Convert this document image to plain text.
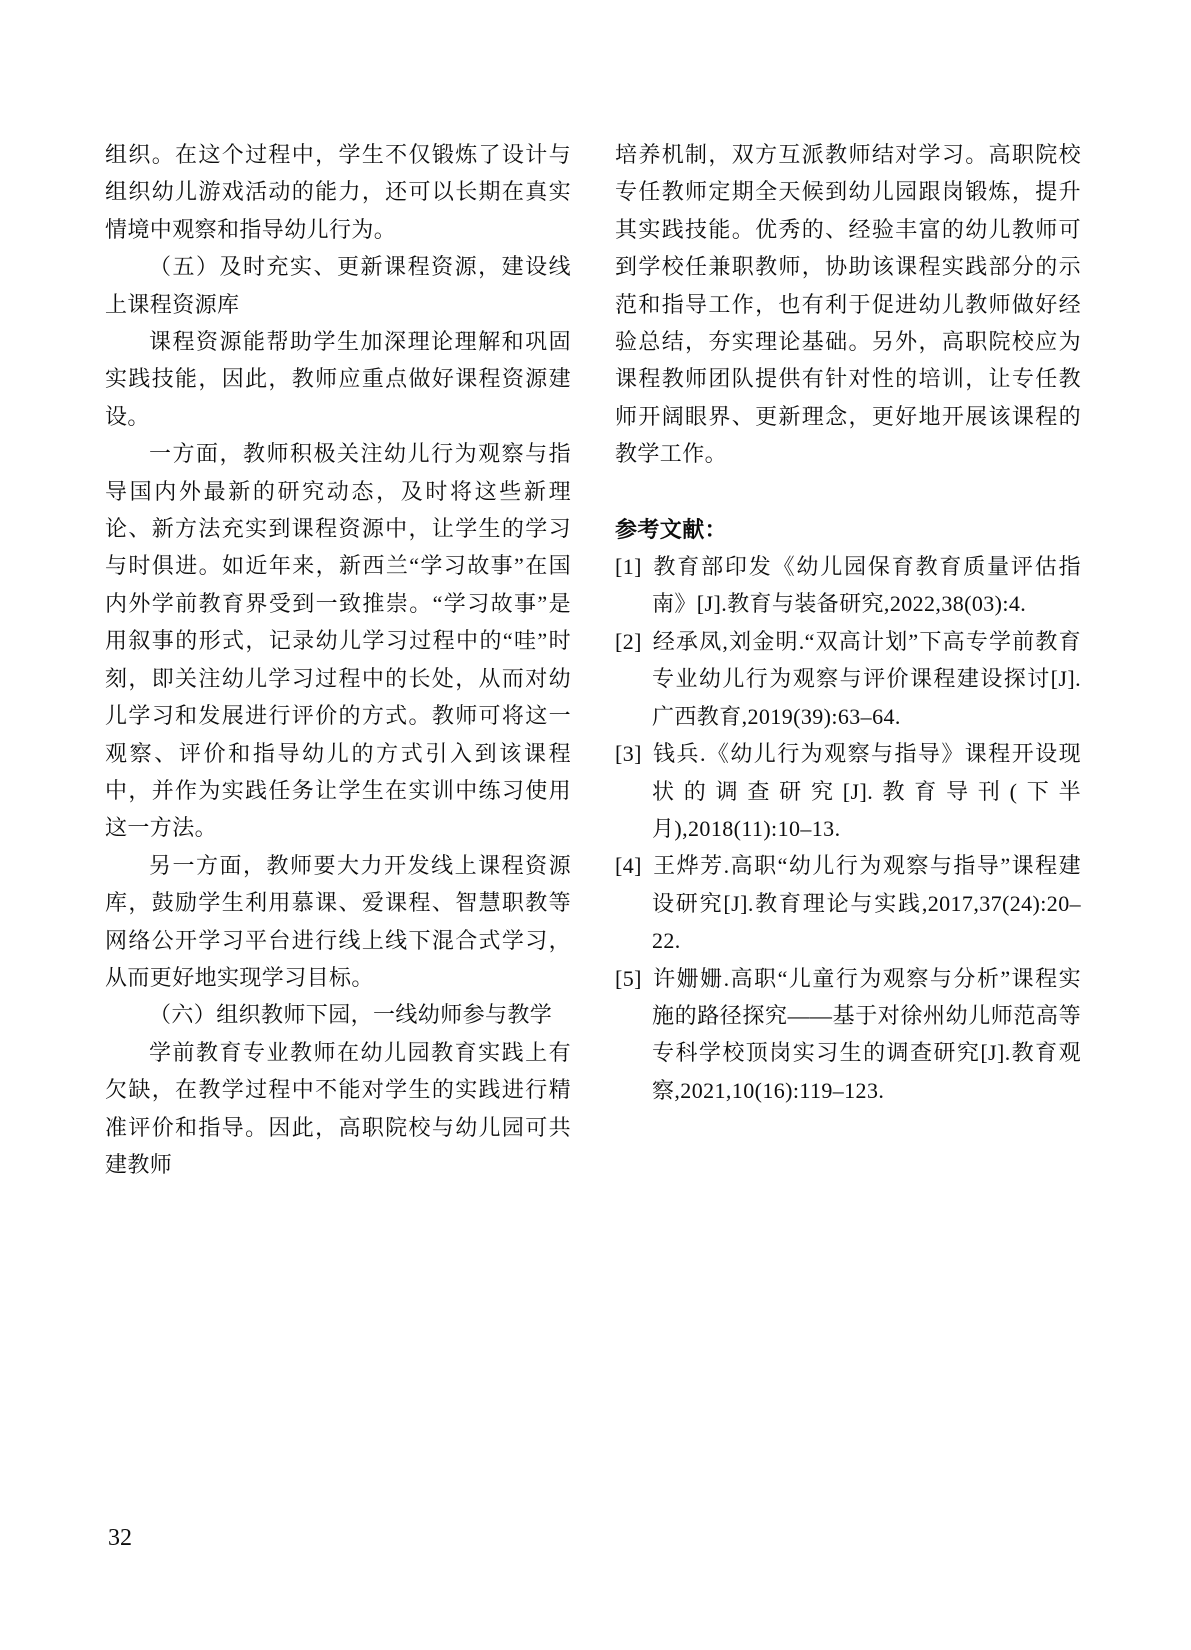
组织。在这个过程中，学生不仅锻炼了设计与组织幼儿游戏活动的能力，还可以长期在真实情境中观察和指导幼儿行为。

（五）及时充实、更新课程资源，建设线上课程资源库

课程资源能帮助学生加深理论理解和巩固实践技能，因此，教师应重点做好课程资源建设。

一方面，教师积极关注幼儿行为观察与指导国内外最新的研究动态，及时将这些新理论、新方法充实到课程资源中，让学生的学习与时俱进。如近年来，新西兰“学习故事”在国内外学前教育界受到一致推崇。“学习故事”是用叙事的形式，记录幼儿学习过程中的“哇”时刻，即关注幼儿学习过程中的长处，从而对幼儿学习和发展进行评价的方式。教师可将这一观察、评价和指导幼儿的方式引入到该课程中，并作为实践任务让学生在实训中练习使用这一方法。

另一方面，教师要大力开发线上课程资源库，鼓励学生利用慕课、爱课程、智慧职教等网络公开学习平台进行线上线下混合式学习，从而更好地实现学习目标。

（六）组织教师下园，一线幼师参与教学

学前教育专业教师在幼儿园教育实践上有欠缺，在教学过程中不能对学生的实践进行精准评价和指导。因此，高职院校与幼儿园可共建教师

培养机制，双方互派教师结对学习。高职院校专任教师定期全天候到幼儿园跟岗锻炼，提升其实践技能。优秀的、经验丰富的幼儿教师可到学校任兼职教师，协助该课程实践部分的示范和指导工作，也有利于促进幼儿教师做好经验总结，夯实理论基础。另外，高职院校应为课程教师团队提供有针对性的培训，让专任教师开阔眼界、更新理念，更好地开展该课程的教学工作。

参考文献：

[1] 教育部印发《幼儿园保育教育质量评估指南》[J].教育与装备研究,2022,38(03):4.

[2] 经承凤,刘金明.“双高计划”下高专学前教育专业幼儿行为观察与评价课程建设探讨[J].广西教育,2019(39):63–64.

[3] 钱兵.《幼儿行为观察与指导》课程开设现状的调查研究[J].教育导刊(下半月),2018(11):10–13.

[4] 王烨芳.高职“幼儿行为观察与指导”课程建设研究[J].教育理论与实践,2017,37(24):20–22.

[5] 许姗姗.高职“儿童行为观察与分析”课程实施的路径探究——基于对徐州幼儿师范高等专科学校顶岗实习生的调查研究[J].教育观察,2021,10(16):119–123.

32
